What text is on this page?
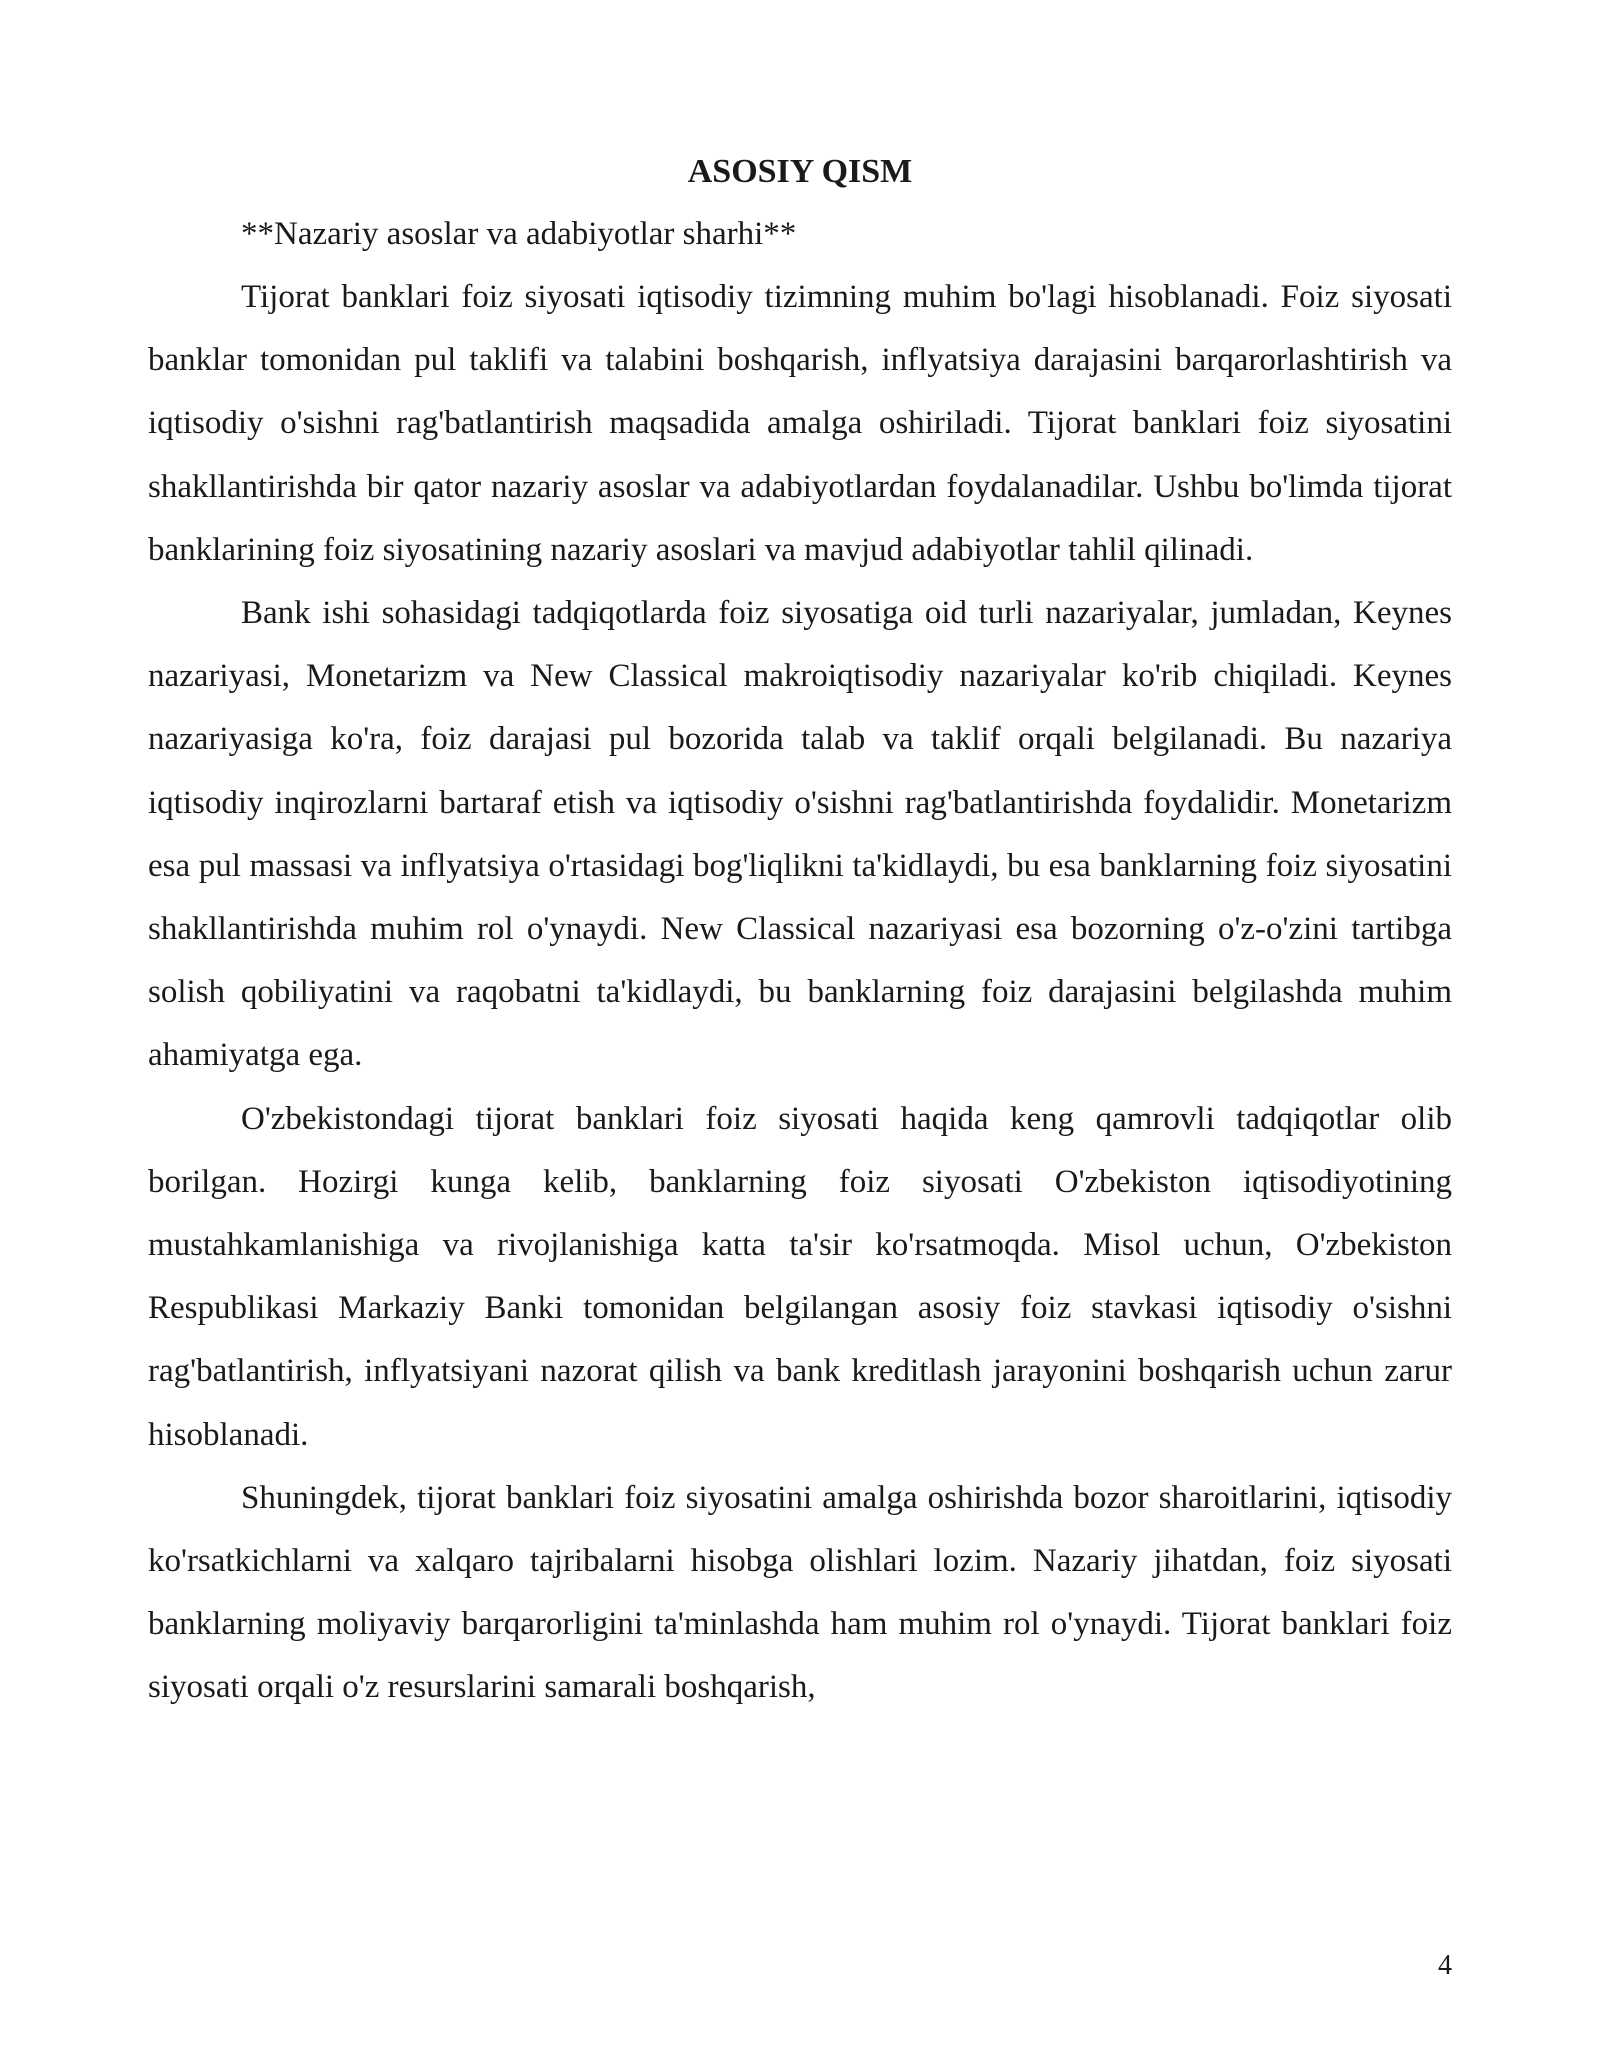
ASOSIY QISM

**Nazariy asoslar va adabiyotlar sharhi**

Tijorat banklari foiz siyosati iqtisodiy tizimning muhim bo'lagi hisoblanadi. Foiz siyosati banklar tomonidan pul taklifi va talabini boshqarish, inflyatsiya darajasini barqarorlashtirish va iqtisodiy o'sishni rag'batlantirish maqsadida amalga oshiriladi. Tijorat banklari foiz siyosatini shakllantirishda bir qator nazariy asoslar va adabiyotlardan foydalanadilar. Ushbu bo'limda tijorat banklarining foiz siyosatining nazariy asoslari va mavjud adabiyotlar tahlil qilinadi.

Bank ishi sohasidagi tadqiqotlarda foiz siyosatiga oid turli nazariyalar, jumladan, Keynes nazariyasi, Monetarizm va New Classical makroiqtisodiy nazariyalar ko'rib chiqiladi. Keynes nazariyasiga ko'ra, foiz darajasi pul bozorida talab va taklif orqali belgilanadi. Bu nazariya iqtisodiy inqirozlarni bartaraf etish va iqtisodiy o'sishni rag'batlantirishda foydalidir. Monetarizm esa pul massasi va inflyatsiya o'rtasidagi bog'liqlikni ta'kidlaydi, bu esa banklarning foiz siyosatini shakllantirishda muhim rol o'ynaydi. New Classical nazariyasi esa bozorning o'z-o'zini tartibga solish qobiliyatini va raqobatni ta'kidlaydi, bu banklarning foiz darajasini belgilashda muhim ahamiyatga ega.

O'zbekistondagi tijorat banklari foiz siyosati haqida keng qamrovli tadqiqotlar olib borilgan. Hozirgi kunga kelib, banklarning foiz siyosati O'zbekiston iqtisodiyotining mustahkamlanishiga va rivojlanishiga katta ta'sir ko'rsatmoqda. Misol uchun, O'zbekiston Respublikasi Markaziy Banki tomonidan belgilangan asosiy foiz stavkasi iqtisodiy o'sishni rag'batlantirish, inflyatsiyani nazorat qilish va bank kreditlash jarayonini boshqarish uchun zarur hisoblanadi.

Shuningdek, tijorat banklari foiz siyosatini amalga oshirishda bozor sharoitlarini, iqtisodiy ko'rsatkichlarni va xalqaro tajribalarni hisobga olishlari lozim. Nazariy jihatdan, foiz siyosati banklarning moliyaviy barqarorligini ta'minlashda ham muhim rol o'ynaydi. Tijorat banklari foiz siyosati orqali o'z resurslarini samarali boshqarish,

4
